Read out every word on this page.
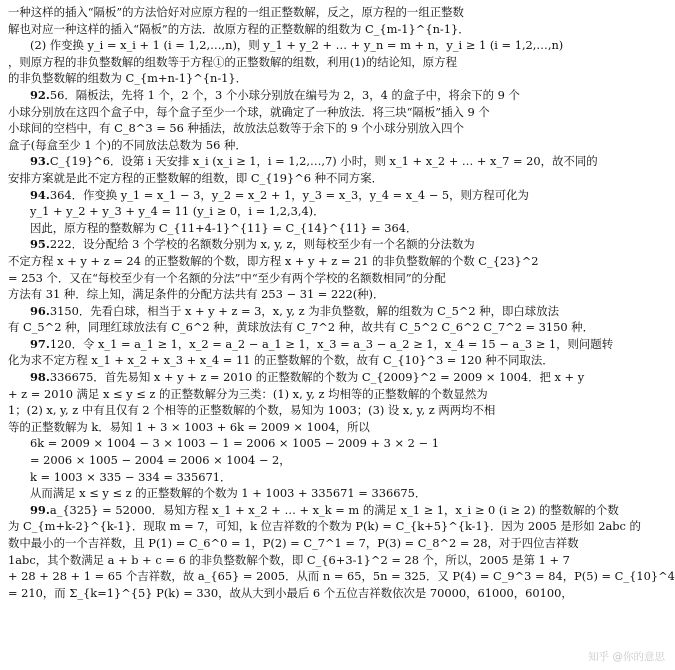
一种这样的插入“隔板”的方法恰好对应原方程的一组正整数解，反之，原方程的一组正整数
解也对应一种这样的插入“隔板”的方法．故原方程的正整数解的组数为 C_{m-1}^{n-1}．
(2) 作变换 y_i = x_i + 1 (i = 1,2,…,n)，则 y_1 + y_2 + … + y_n = m + n，y_i ≥ 1 (i = 1,2,…,n)
，则原方程的非负整数解的组数等于方程①的正整数解的组数，利用(1)的结论知，原方程
的非负整数解的组数为 C_{m+n-1}^{n-1}．
92.56．隔板法，先将 1 个，2 个，3 个小球分别放在编号为 2，3，4 的盒子中，将余下的 9 个
小球分别放在这四个盒子中，每个盒子至少一个球，就确定了一种放法．将三块“隔板”插入 9 个
小球间的空档中，有 C_8^3 = 56 种插法，故放法总数等于余下的 9 个小球分别放入四个
盒子(每盒至少 1 个)的不同放法总数为 56 种．
93.C_{19}^6．设第 i 天安排 x_i (x_i ≥ 1，i = 1,2,…,7) 小时，则 x_1 + x_2 + … + x_7 = 20，故不同的
安排方案就是此不定方程的正整数解的组数，即 C_{19}^6 种不同方案．
94.364．作变换 y_1 = x_1 − 3，y_2 = x_2 + 1，y_3 = x_3，y_4 = x_4 − 5，则方程可化为
y_1 + y_2 + y_3 + y_4 = 11 (y_i ≥ 0，i = 1,2,3,4)．
因此，原方程的整数解为 C_{11+4-1}^{11} = C_{14}^{11} = 364．
95.222．设分配给 3 个学校的名额数分别为 x, y, z，则每校至少有一个名额的分法数为
不定方程 x + y + z = 24 的正整数解的个数，即方程 x + y + z = 21 的非负整数解的个数 C_{23}^2
= 253 个．又在“每校至少有一个名额的分法”中“至少有两个学校的名额数相同”的分配
方法有 31 种．综上知，满足条件的分配方法共有 253 − 31 = 222(种)．
96.3150．先看白球，相当于 x + y + z = 3，x, y, z 为非负整数，解的组数为 C_5^2 种，即白球放法
有 C_5^2 种，同理红球放法有 C_6^2 种，黄球放法有 C_7^2 种，故共有 C_5^2 C_6^2 C_7^2 = 3150 种．
97.120．令 x_1 = a_1 ≥ 1，x_2 = a_2 − a_1 ≥ 1，x_3 = a_3 − a_2 ≥ 1，x_4 = 15 − a_3 ≥ 1，则问题转
化为求不定方程 x_1 + x_2 + x_3 + x_4 = 11 的正整数解的个数，故有 C_{10}^3 = 120 种不同取法．
98.336675．首先易知 x + y + z = 2010 的正整数解的个数为 C_{2009}^2 = 2009 × 1004．把 x + y
+ z = 2010 满足 x ≤ y ≤ z 的正整数解分为三类：(1) x, y, z 均相等的正整数解的个数显然为
1；(2) x, y, z 中有且仅有 2 个相等的正整数解的个数，易知为 1003；(3) 设 x, y, z 两两均不相
等的正整数解为 k．易知 1 + 3 × 1003 + 6k = 2009 × 1004，所以
6k = 2009 × 1004 − 3 × 1003 − 1 = 2006 × 1005 − 2009 + 3 × 2 − 1
= 2006 × 1005 − 2004 = 2006 × 1004 − 2，
k = 1003 × 335 − 334 = 335671．
从而满足 x ≤ y ≤ z 的正整数解的个数为 1 + 1003 + 335671 = 336675．
99.a_{325} = 52000．易知方程 x_1 + x_2 + … + x_k = m 的满足 x_1 ≥ 1，x_i ≥ 0 (i ≥ 2) 的整数解的个数
为 C_{m+k-2}^{k-1}．现取 m = 7，可知，k 位吉祥数的个数为 P(k) = C_{k+5}^{k-1}．因为 2005 是形如 2abc 的
数中最小的一个吉祥数，且 P(1) = C_6^0 = 1，P(2) = C_7^1 = 7，P(3) = C_8^2 = 28，对于四位吉祥数
1abc，其个数满足 a + b + c = 6 的非负整数解个数，即 C_{6+3-1}^2 = 28 个，所以，2005 是第 1 + 7
+ 28 + 28 + 1 = 65 个吉祥数，故 a_{65} = 2005．从而 n = 65，5n = 325．又 P(4) = C_9^3 = 84，P(5) = C_{10}^4
= 210，而 Σ_{k=1}^{5} P(k) = 330，故从大到小最后 6 个五位吉祥数依次是 70000，61000，60100，
知乎 @你的意思
